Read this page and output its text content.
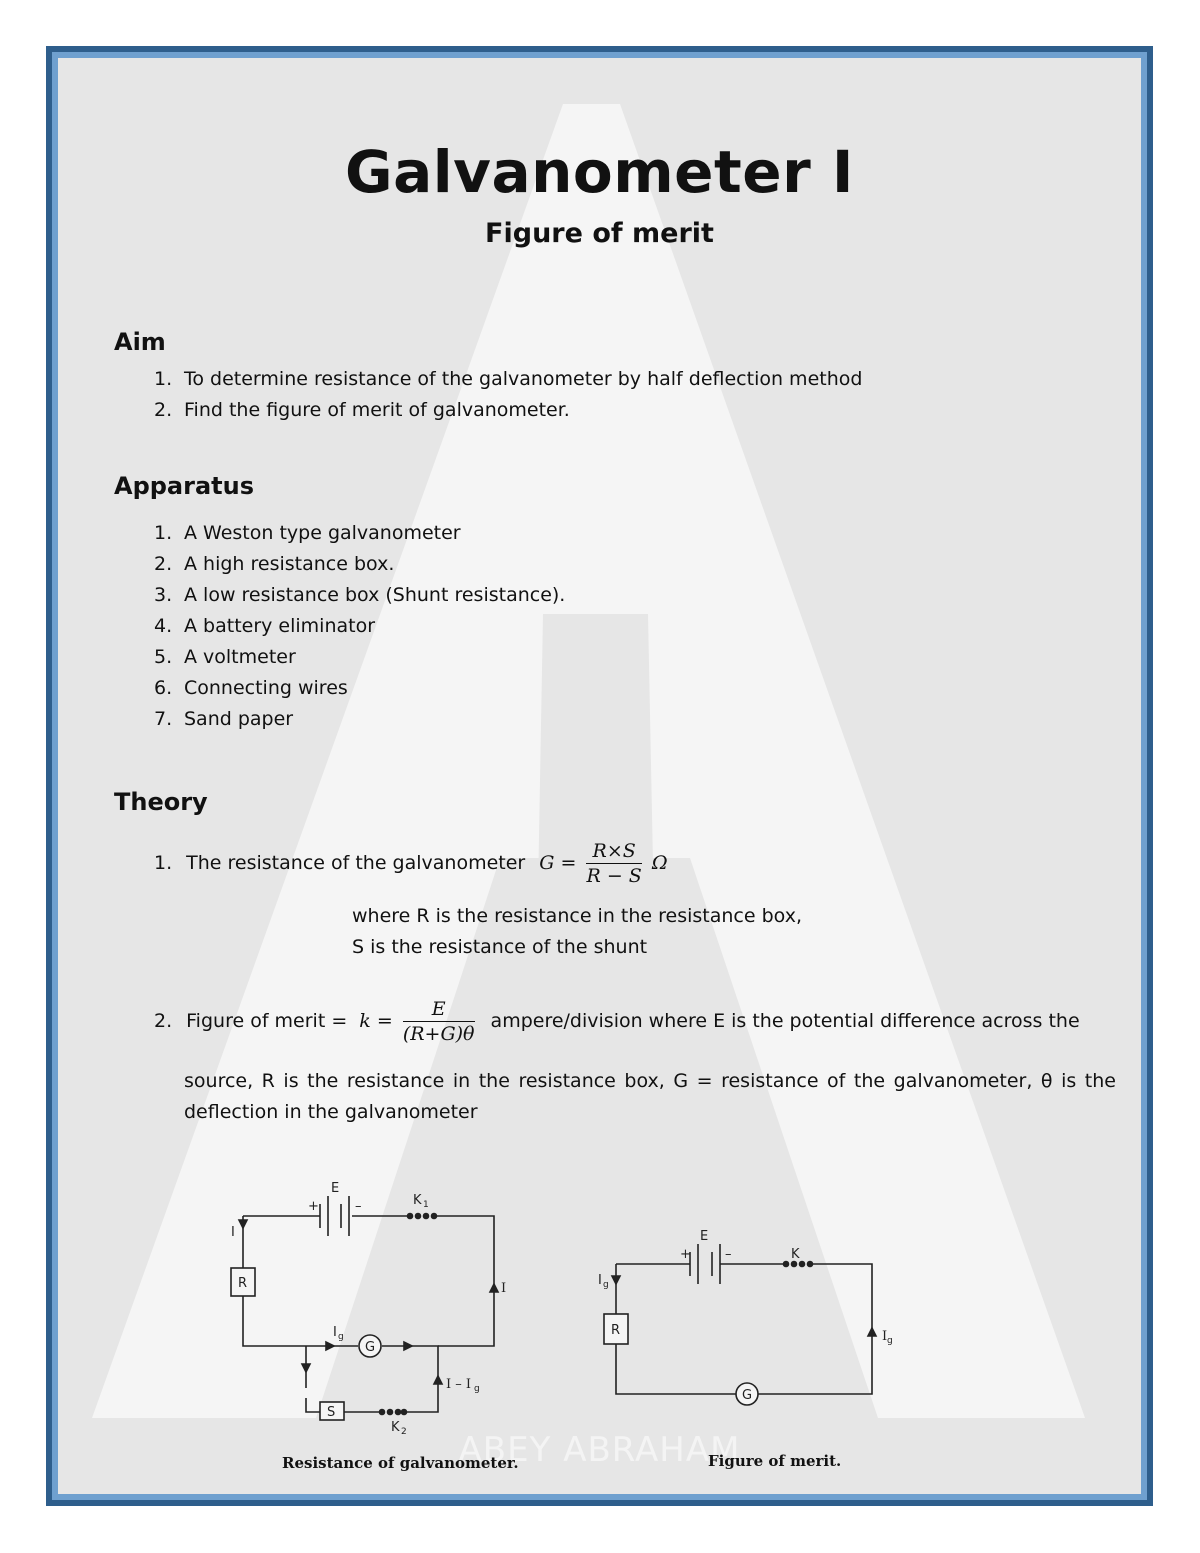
ABEY ABRAHAM
Galvanometer I
Figure of merit
Aim
1. To determine resistance of the galvanometer by half deflection method
2. Find the figure of merit of galvanometer.
Apparatus
1. A Weston type galvanometer
2. A high resistance box.
3. A low resistance box (Shunt resistance).
4. A battery eliminator
5. A voltmeter
6. Connecting wires
7. Sand paper
Theory
1. The resistance of the galvanometer $G = \frac{R\times S}{R - S}$ Ω
where R is the resistance in the resistance box,
S is the resistance of the shunt
2. Figure of merit = $k = \frac{E}{(R+G)\theta}$ ampere/division where E is the potential difference across the
source, R is the resistance in the resistance box, G = resistance of the galvanometer, θ is the deflection in the galvanometer
E
+	–	K 1
I
R	I
I g
G
I – I g
S
K 2
E
+	–	K
I g
R	I g
G
Resistance of galvanometer.	Figure of merit.
